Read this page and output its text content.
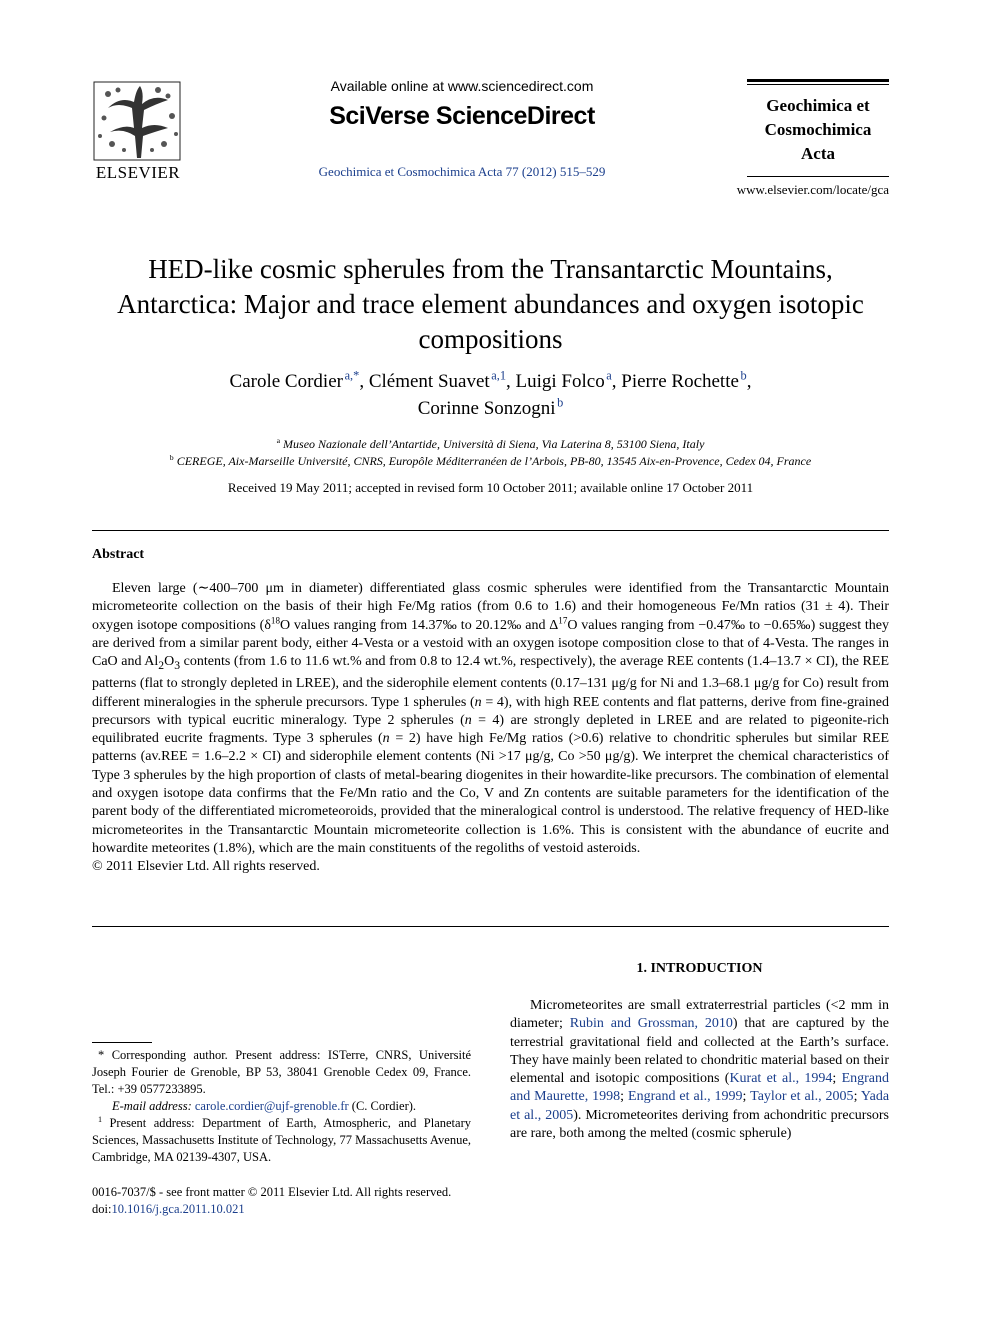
ELSEVIER
Available online at www.sciencedirect.com
SciVerse ScienceDirect
Geochimica et Cosmochimica Acta 77 (2012) 515–529
Geochimica et
Cosmochimica
Acta
www.elsevier.com/locate/gca
HED-like cosmic spherules from the Transantarctic Mountains, Antarctica: Major and trace element abundances and oxygen isotopic compositions
Carole Cordier  $^{a,*}$, Clément Suavet  $^{a,1}$, Luigi Folco  $^a$, Pierre Rochette  $^b$,
Corinne Sonzogni  $^b$
$^a$ Museo Nazionale dell’Antartide, Università di Siena, Via Laterina 8, 53100 Siena, Italy
$^b$ CEREGE, Aix-Marseille Université, CNRS, Europôle Méditerranéen de l’Arbois, PB-80, 13545 Aix-en-Provence, Cedex 04, France
Received 19 May 2011; accepted in revised form 10 October 2011; available online 17 October 2011
Abstract

Eleven large (∼400–700 μm in diameter) differentiated glass cosmic spherules were identified from the Transantarctic Mountain micrometeorite collection on the basis of their high Fe/Mg ratios (from 0.6 to 1.6) and their homogeneous Fe/Mn ratios (31 ± 4). Their oxygen isotope compositions ($\delta^{18}O$ values ranging from 14.37‰ to 20.12‰ and $\Delta^{17}O$ values ranging from −0.47‰ to −0.65‰) suggest they are derived from a similar parent body, either 4-Vesta or a vestoid with an oxygen isotope composition close to that of 4-Vesta. The ranges in CaO and $Al_2O_3$ contents (from 1.6 to 11.6 wt.% and from 0.8 to 12.4 wt.%, respectively), the average REE contents (1.4–13.7 × CI), the REE patterns (flat to strongly depleted in LREE), and the siderophile element contents (0.17–131 μg/g for Ni and 1.3–68.1 μg/g for Co) result from different mineralogies in the spherule precursors. Type 1 spherules (n = 4), with high REE contents and flat patterns, derive from fine-grained precursors with typical eucritic mineralogy. Type 2 spherules (n = 4) are strongly depleted in LREE and are related to pigeonite-rich equilibrated eucrite fragments. Type 3 spherules (n = 2) have high Fe/Mg ratios (>0.6) relative to chondritic spherules but similar REE patterns (av.REE = 1.6–2.2 × CI) and siderophile element contents (Ni >17 μg/g, Co >50 μg/g). We interpret the chemical characteristics of Type 3 spherules by the high proportion of clasts of metal-bearing diogenites in their howardite-like precursors. The combination of elemental and oxygen isotope data confirms that the Fe/Mn ratio and the Co, V and Zn contents are suitable parameters for the identification of the parent body of the differentiated micrometeoroids, provided that the mineralogical control is understood. The relative frequency of HED-like micrometeorites in the Transantarctic Mountain micrometeorite collection is 1.6%. This is consistent with the abundance of eucrite and howardite meteorites (1.8%), which are the main constituents of the regoliths of vestoid asteroids.

© 2011 Elsevier Ltd. All rights reserved.

1. INTRODUCTION
Micrometeorites are small extraterrestrial particles (<2 mm in diameter; Rubin and Grossman, 2010) that are captured by the terrestrial gravitational field and collected at the Earth’s surface. They have mainly been related to chondritic material based on their elemental and isotopic compositions (Kurat et al., 1994; Engrand and Maurette, 1998; Engrand et al., 1999; Taylor et al., 2005; Yada et al., 2005). Micrometeorites deriving from achondritic precursors are rare, both among the melted (cosmic spherule)

* Corresponding author. Present address: ISTerre, CNRS, Université Joseph Fourier de Grenoble, BP 53, 38041 Grenoble Cedex 09, France. Tel.: +39 0577233895.

E-mail address: carole.cordier@ujf-grenoble.fr (C. Cordier).

$^1$ Present address: Department of Earth, Atmospheric, and Planetary Sciences, Massachusetts Institute of Technology, 77 Massachusetts Avenue, Cambridge, MA 02139-4307, USA.

0016-7037/$ - see front matter © 2011 Elsevier Ltd. All rights reserved.
doi:10.1016/j.gca.2011.10.021
